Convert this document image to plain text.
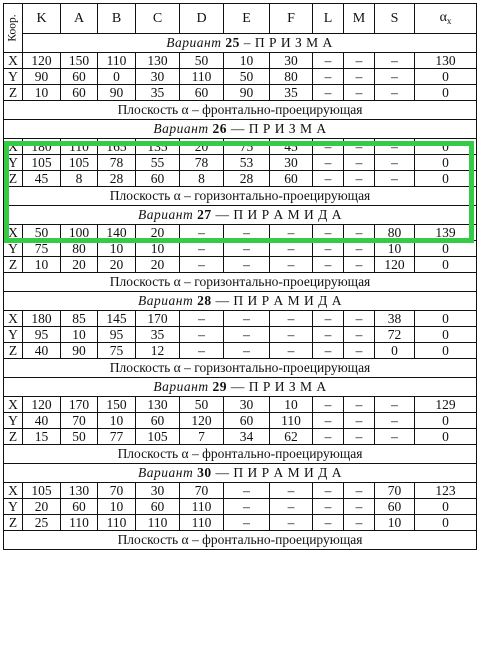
Коор.	K	A	B	C	D	E	F	L	M	S	$\alpha_x$
	Вариант 25 – П Р И З М А										
X	120	150	110	130	50	10	30	–	–	–	130
Y	90	60	0	30	110	50	80	–	–	–	0
Z	10	60	90	35	60	90	35	–	–	–	0
Плоскость α – фронтально-проецирующая											
Вариант 26 — П Р И З М А											
X	180	110	165	135	20	75	45	–	–	–	0
Y	105	105	78	55	78	53	30	–	–	–	0
Z	45	8	28	60	8	28	60	–	–	–	0
Плоскость α – горизонтально-проецирующая											
Вариант 27 — П И Р А М И Д А											
X	50	100	140	20	–	–	–	–	–	80	139
Y	75	80	10	10	–	–	–	–	–	10	0
Z	10	20	20	20	–	–	–	–	–	120	0
Плоскость α – горизонтально-проецирующая											
Вариант 28 — П И Р А М И Д А											
X	180	85	145	170	–	–	–	–	–	38	0
Y	95	10	95	35	–	–	–	–	–	72	0
Z	40	90	75	12	–	–	–	–	–	0	0
Плоскость α – горизонтально-проецирующая											
Вариант 29 — П Р И З М А											
X	120	170	150	130	50	30	10	–	–	–	129
Y	40	70	10	60	120	60	110	–	–	–	0
Z	15	50	77	105	7	34	62	–	–	–	0
Плоскость α – фронтально-проецирующая											
Вариант 30 — П И Р А М И Д А											
X	105	130	70	30	70	–	–	–	–	70	123
Y	20	60	10	60	110	–	–	–	–	60	0
Z	25	110	110	110	110	–	–	–	–	10	0
Плоскость α – фронтально-проецирующая											
